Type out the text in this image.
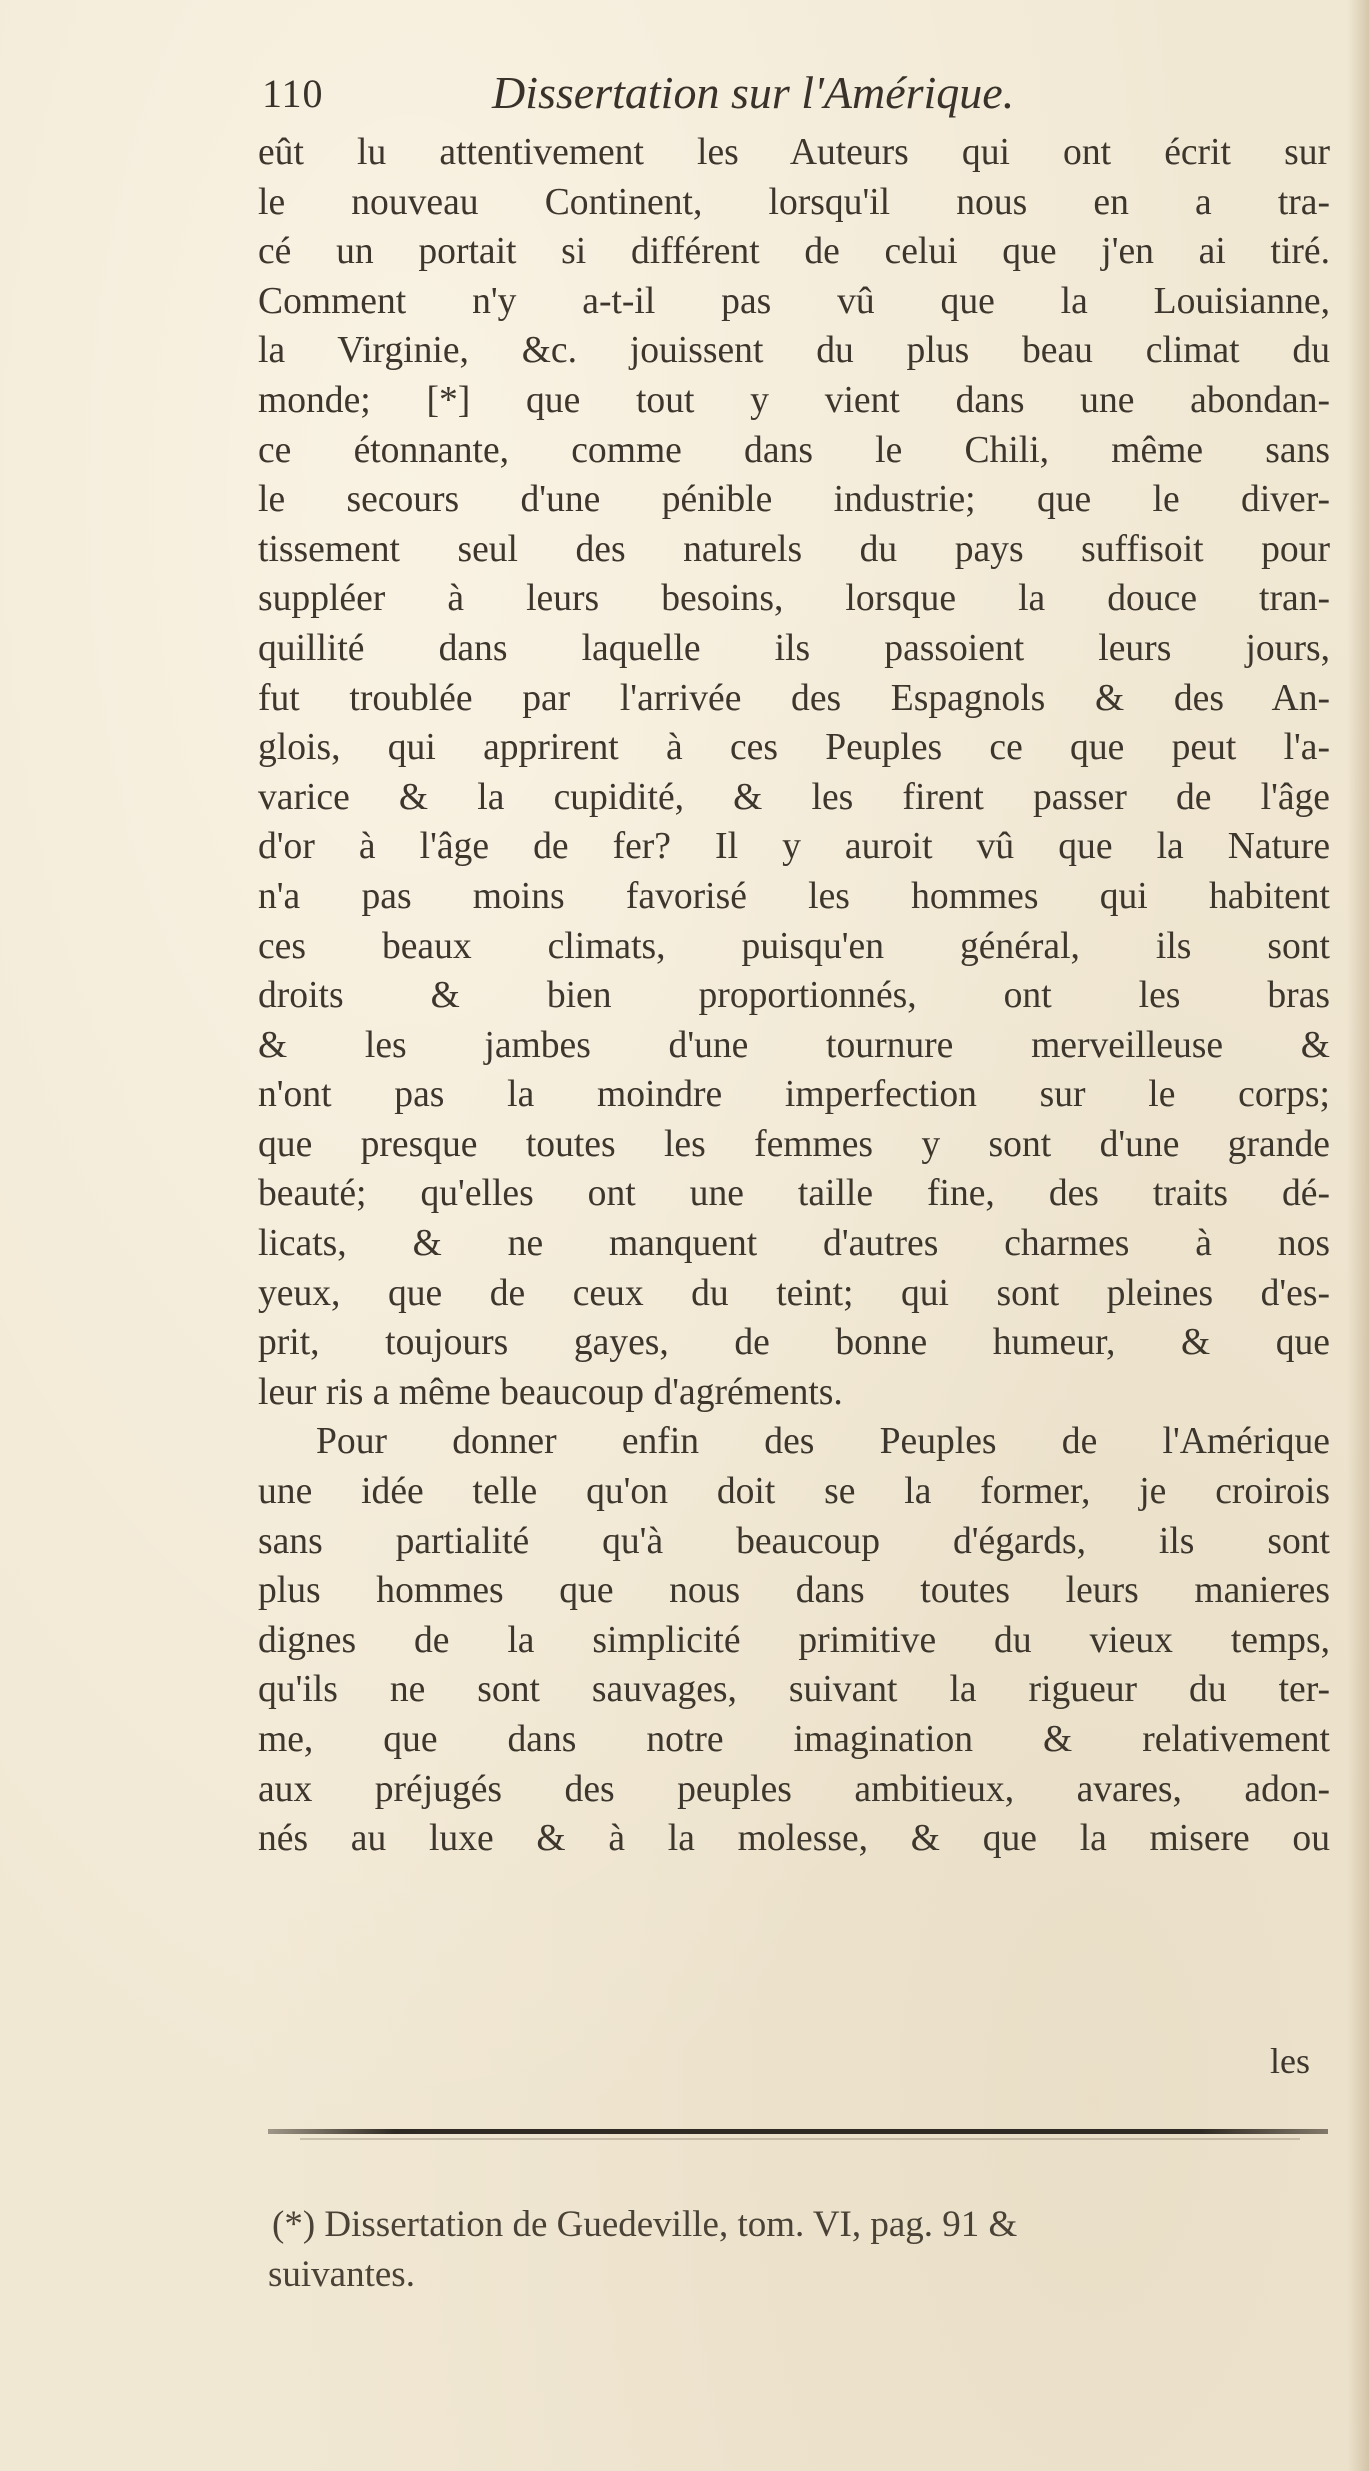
110	Dissertation sur l'Amérique.
eût lu attentivement les Auteurs qui ont écrit sur
le nouveau Continent, lorsqu'il nous en a tra-
cé un portait si différent de celui que j'en ai tiré.
Comment n'y a-t-il pas vû que la Louisianne,
la Virginie, &c. jouissent du plus beau climat du
monde; [*] que tout y vient dans une abondan-
ce étonnante, comme dans le Chili, même sans
le secours d'une pénible industrie; que le diver-
tissement seul des naturels du pays suffisoit pour
suppléer à leurs besoins, lorsque la douce tran-
quillité dans laquelle ils passoient leurs jours,
fut troublée par l'arrivée des Espagnols & des An-
glois, qui apprirent à ces Peuples ce que peut l'a-
varice & la cupidité, & les firent passer de l'âge
d'or à l'âge de fer? Il y auroit vû que la Nature
n'a pas moins favorisé les hommes qui habitent
ces beaux climats, puisqu'en général, ils sont
droits & bien proportionnés, ont les bras
& les jambes d'une tournure merveilleuse &
n'ont pas la moindre imperfection sur le corps;
que presque toutes les femmes y sont d'une grande
beauté; qu'elles ont une taille fine, des traits dé-
licats, & ne manquent d'autres charmes à nos
yeux, que de ceux du teint; qui sont pleines d'es-
prit, toujours gayes, de bonne humeur, & que
leur ris a même beaucoup d'agréments.
Pour donner enfin des Peuples de l'Amérique
une idée telle qu'on doit se la former, je croirois
sans partialité qu'à beaucoup d'égards, ils sont
plus hommes que nous dans toutes leurs manieres
dignes de la simplicité primitive du vieux temps,
qu'ils ne sont sauvages, suivant la rigueur du ter-
me, que dans notre imagination & relativement
aux préjugés des peuples ambitieux, avares, adon-
nés au luxe & à la molesse, & que la misere ou
les
(*) Dissertation de Guedeville, tom. VI, pag. 91 &
suivantes.
